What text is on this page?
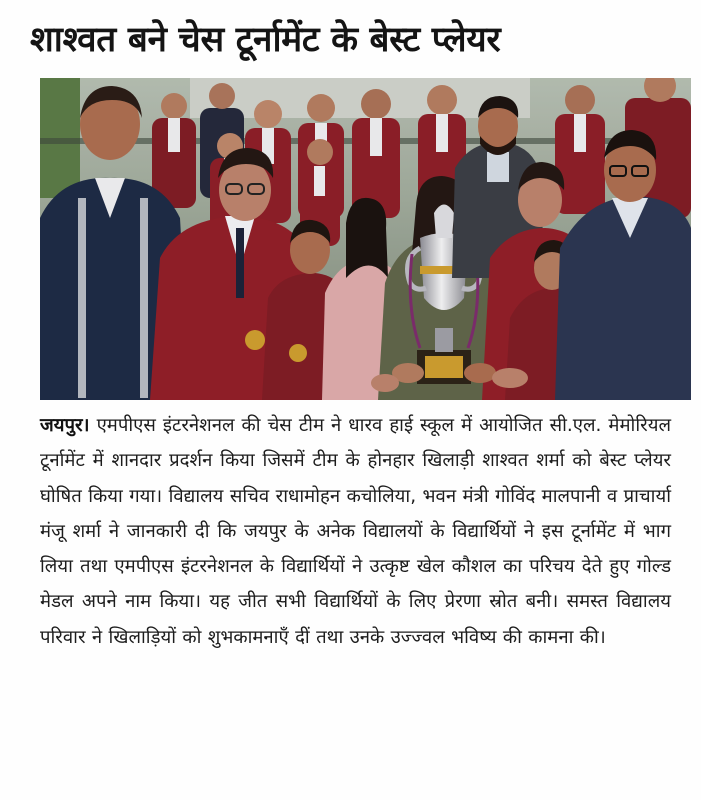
शाश्वत बने चेस टूर्नामेंट के बेस्ट प्लेयर
जयपुर। एमपीएस इंटरनेशनल की चेस टीम ने धारव हाई स्कूल में आयोजित सी.एल. मेमोरियल टूर्नामेंट में शानदार प्रदर्शन किया जिसमें टीम के होनहार खिलाड़ी शाश्वत शर्मा को बेस्ट प्लेयर घोषित किया गया। विद्यालय सचिव राधामोहन कचोलिया, भवन मंत्री गोविंद मालपानी व प्राचार्या मंजू शर्मा ने जानकारी दी कि जयपुर के अनेक विद्यालयों के विद्यार्थियों ने इस टूर्नामेंट में भाग लिया तथा एमपीएस इंटरनेशनल के विद्यार्थियों ने उत्कृष्ट खेल कौशल का परिचय देते हुए गोल्ड मेडल अपने नाम किया। यह जीत सभी विद्यार्थियों के लिए प्रेरणा स्रोत बनी। समस्त विद्यालय परिवार ने खिलाड़ियों को शुभकामनाएँ दीं तथा उनके उज्ज्वल भविष्य की कामना की।
